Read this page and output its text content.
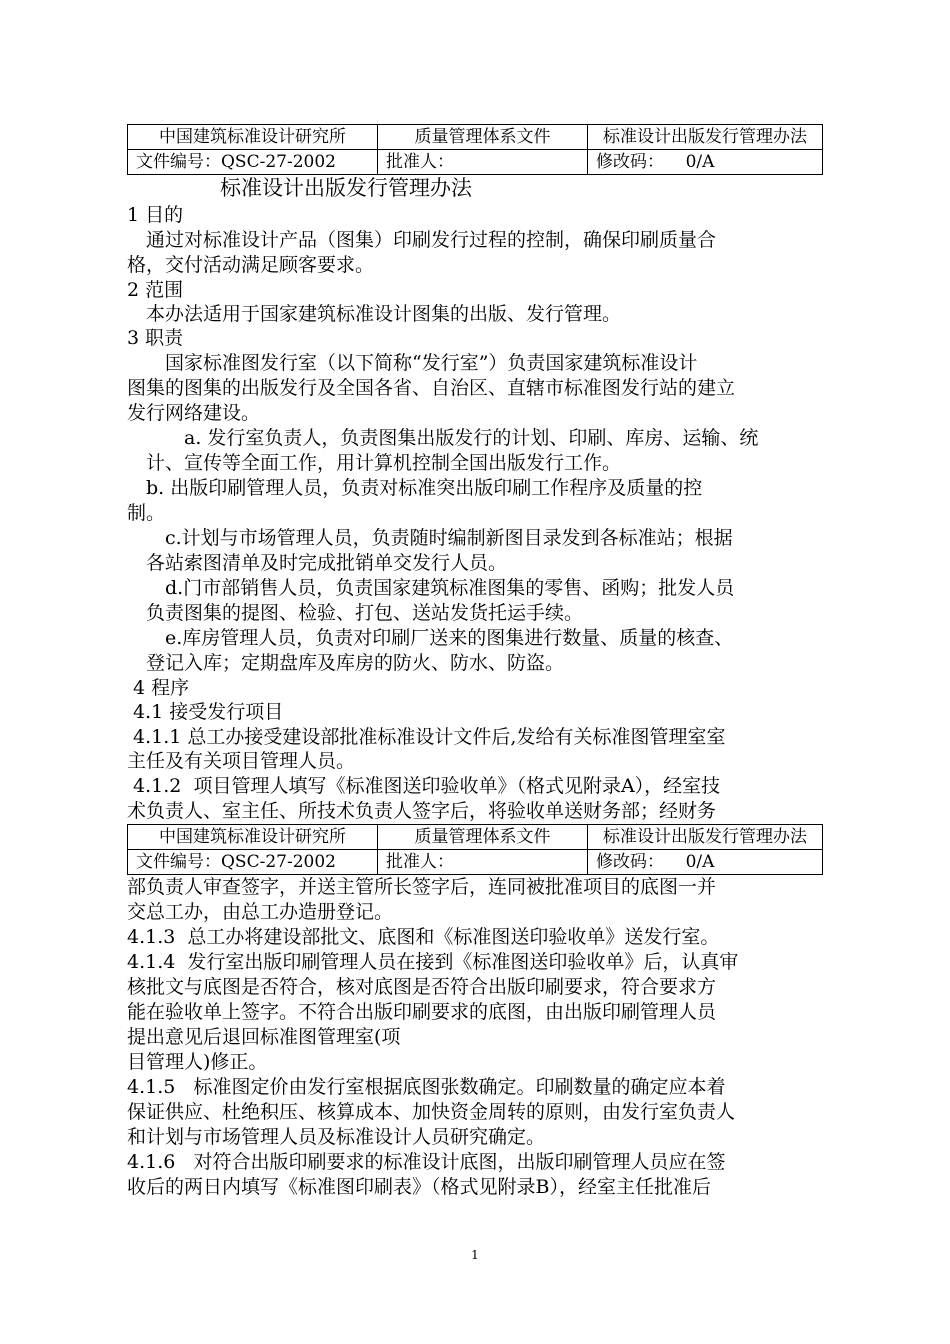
中国建筑标准设计研究所	质量管理体系文件	标准设计出版发行管理办法
文件编号：QSC-27-2002	批准人：	修改码：    0/A
标准设计出版发行管理办法
1 目的
　通过对标准设计产品（图集）印刷发行过程的控制，确保印刷质量合
格，交付活动满足顾客要求。
2 范围
　本办法适用于国家建筑标准设计图集的出版、发行管理。
3 职责
　　国家标准图发行室（以下简称“发行室”）负责国家建筑标准设计
图集的图集的出版发行及全国各省、自治区、直辖市标准图发行站的建立
发行网络建设。
　　　a. 发行室负责人，负责图集出版发行的计划、印刷、库房、运输、统
　计、宣传等全面工作，用计算机控制全国出版发行工作。
　b. 出版印刷管理人员，负责对标准突出版印刷工作程序及质量的控
制。
　　c.计划与市场管理人员，负责随时编制新图目录发到各标准站；根据
　各站索图清单及时完成批销单交发行人员。
　　d.门市部销售人员，负责国家建筑标准图集的零售、函购；批发人员
　负责图集的提图、检验、打包、送站发货托运手续。
　　e.库房管理人员，负责对印刷厂送来的图集进行数量、质量的核查、
　登记入库；定期盘库及库房的防火、防水、防盗。
4 程序
4.1 接受发行项目
4.1.1 总工办接受建设部批准标准设计文件后,发给有关标准图管理室室
主任及有关项目管理人员。
4.1.2  项目管理人填写《标准图送印验收单》（格式见附录A），经室技
术负责人、室主任、所技术负责人签字后，将验收单送财务部；经财务
中国建筑标准设计研究所	质量管理体系文件	标准设计出版发行管理办法
文件编号：QSC-27-2002	批准人：	修改码：    0/A
部负责人审查签字，并送主管所长签字后，连同被批准项目的底图一并
交总工办，由总工办造册登记。
4.1.3  总工办将建设部批文、底图和《标准图送印验收单》送发行室。
4.1.4  发行室出版印刷管理人员在接到《标准图送印验收单》后，认真审
核批文与底图是否符合，核对底图是否符合出版印刷要求，符合要求方
能在验收单上签字。不符合出版印刷要求的底图，由出版印刷管理人员
提出意见后退回标准图管理室(项
目管理人)修正。
4.1.5   标准图定价由发行室根据底图张数确定。印刷数量的确定应本着
保证供应、杜绝积压、核算成本、加快资金周转的原则，由发行室负责人
和计划与市场管理人员及标准设计人员研究确定。
4.1.6   对符合出版印刷要求的标准设计底图，出版印刷管理人员应在签
收后的两日内填写《标准图印刷表》（格式见附录B），经室主任批准后
1
